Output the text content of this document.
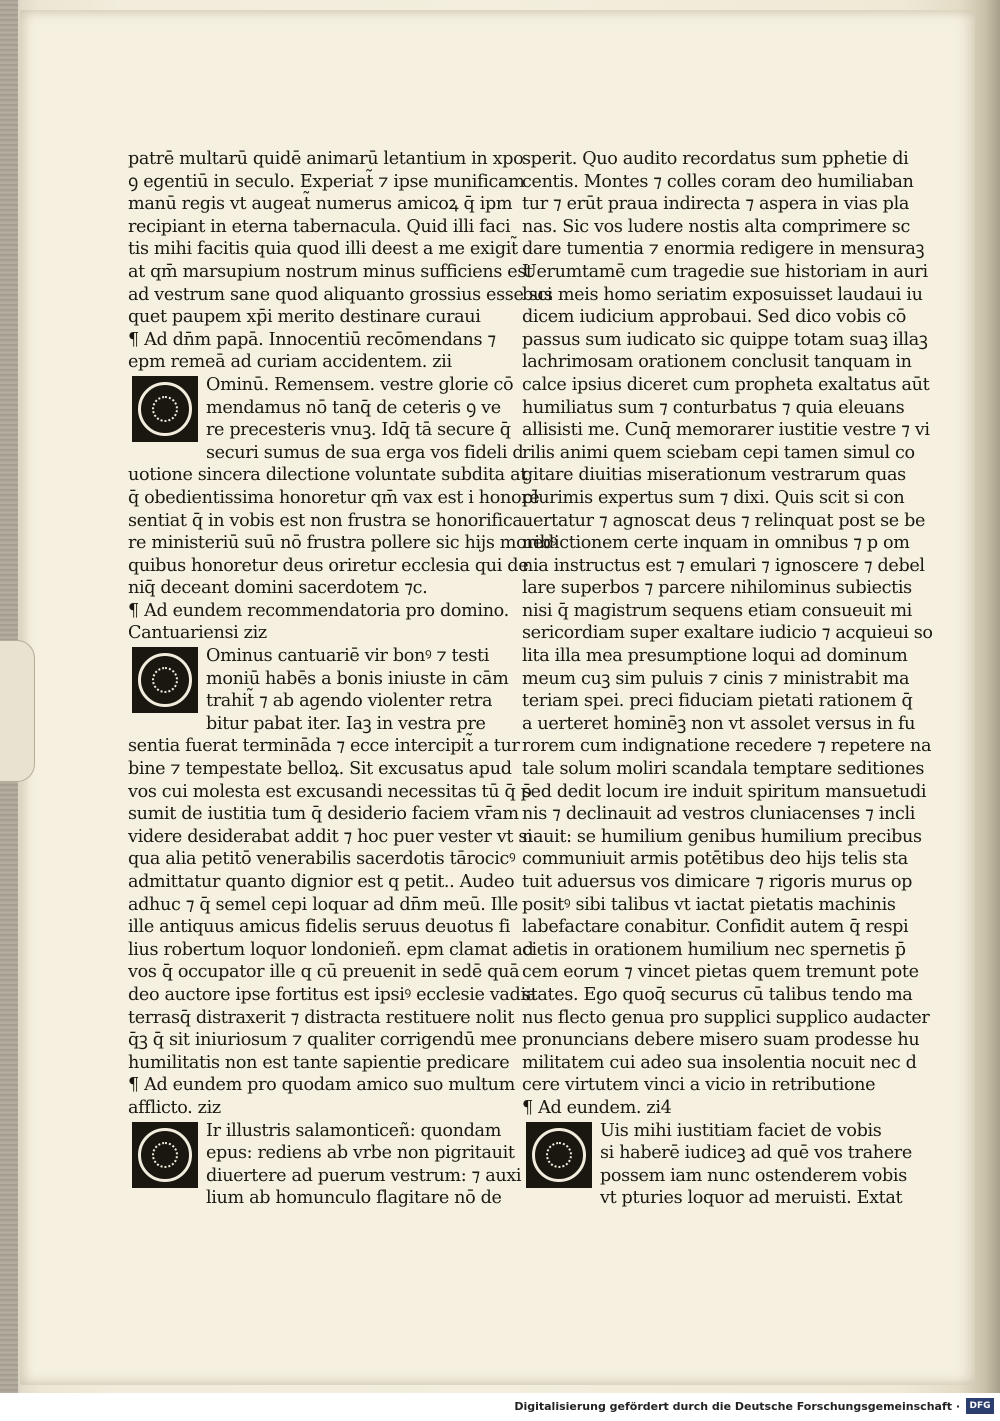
patrē multarū quidē animarū letantium in xpo
ꝯ egentiū in seculo. Experiat̃ ⁊ ipse munificam
manū regis vt augeat̃ numerus amicoꝝ q̄ ipm
recipiant in eterna tabernacula. Quid illi faci
tis mihi facitis quia quod illi deest a me exigit̃
at qm̄ marsupium nostrum minus sufficiens est
ad vestrum sane quod aliquanto grossius esse sci
quet paupem xp̄i merito destinare curaui
¶ Ad dn̄m papā. Innocentiū recōmendans ⁊
epm remeā ad curiam accidentem. zii
Ominū. Remensem. vestre glorie cō
mendamus nō tanq̄ de ceteris ꝯ ve
re precesteris vnuꝫ. Idq̄ tā secure q̄
securi sumus de sua erga vos fideli d
uotione sincera dilectione voluntate subdita at
q̄ obedientissima honoretur qm̄ vax est i honorē
sentiat q̄ in vobis est non frustra se honorifica
re ministeriū suū nō frustra pollere sic hijs moribꝰ
quibus honoretur deus oriretur ecclesia qui de
niq̄ deceant domini sacerdotem ⁊c.
¶ Ad eundem recommendatoria pro domino.
Cantuariensi ziz
Ominus cantuariē vir bonꝰ ⁊ testi
moniū habēs a bonis iniuste in cām
trahit̃ ⁊ ab agendo violenter retra
bitur pabat iter. Iaꝫ in vestra pre
sentia fuerat termināda ⁊ ecce intercipit̃ a tur
bine ⁊ tempestate belloꝝ. Sit excusatus apud
vos cui molesta est excusandi necessitas tū q̄ p̄
sumit de iustitia tum q̄ desiderio faciem vr̄am
videre desiderabat addit ⁊ hoc puer vester vt si
qua alia petitō venerabilis sacerdotis tārocicꝰ
admittatur quanto dignior est q petit.. Audeo
adhuc ⁊ q̄ semel cepi loquar ad dn̄m meū. Ille
ille antiquus amicus fidelis seruus deuotus fi
lius robertum loquor londonieñ. epm clamat ad
vos q̄ occupator ille q cū preuenit in sedē quā
deo auctore ipse fortitus est ipsiꝰ ecclesie vadia
terrasq̄ distraxerit ⁊ distracta restituere nolit
q̄ꝫ q̄ sit iniuriosum ⁊ qualiter corrigendū mee
humilitatis non est tante sapientie predicare
¶ Ad eundem pro quodam amico suo multum
afflicto. ziz
Ir illustris salamonticeñ: quondam
epus: rediens ab vrbe non pigritauit
diuertere ad puerum vestrum: ⁊ auxi
lium ab homunculo flagitare nō de
sperit. Quo audito recordatus sum pphetie di
centis. Montes ⁊ colles coram deo humiliaban
tur ⁊ erūt praua indirecta ⁊ aspera in vias pla
nas. Sic vos ludere nostis alta comprimere sc
dare tumentia ⁊ enormia redigere in mensuraꝫ
Uerumtamē cum tragedie sue historiam in auri
bus meis homo seriatim exposuisset laudaui iu
dicem iudicium approbaui. Sed dico vobis cō
passus sum iudicato sic quippe totam suaꝫ illaꝫ
lachrimosam orationem conclusit tanquam in
calce ipsius diceret cum propheta exaltatus aūt
humiliatus sum ⁊ conturbatus ⁊ quia eleuans
allisisti me. Cunq̄ memorarer iustitie vestre ⁊ vi
rilis animi quem sciebam cepi tamen simul co
gitare diuitias miserationum vestrarum quas
plurimis expertus sum ⁊ dixi. Quis scit si con
uertatur ⁊ agnoscat deus ⁊ relinquat post se be
nedictionem certe inquam in omnibus ⁊ p om
nia instructus est ⁊ emulari ⁊ ignoscere ⁊ debel
lare superbos ⁊ parcere nihilominus subiectis
nisi q̄ magistrum sequens etiam consueuit mi
sericordiam super exaltare iudicio ⁊ acquieui so
lita illa mea presumptione loqui ad dominum
meum cuꝫ sim puluis ⁊ cinis ⁊ ministrabit ma
teriam spei. preci fiduciam pietati rationem q̄
a uerteret hominēꝫ non vt assolet versus in fu
rorem cum indignatione recedere ⁊ repetere na
tale solum moliri scandala temptare seditiones
sed dedit locum ire induit spiritum mansuetudi
nis ⁊ declinauit ad vestros cluniacenses ⁊ incli
nauit: se humilium genibus humilium precibus
communiuit armis potētibus deo hijs telis sta
tuit aduersus vos dimicare ⁊ rigoris murus op
positꝰ sibi talibus vt iactat pietatis machinis
labefactare conabitur. Confidit autem q̄ respi
cietis in orationem humilium nec spernetis p̄
cem eorum ⁊ vincet pietas quem tremunt pote
states. Ego quoq̄ securus cū talibus tendo ma
nus flecto genua pro supplici supplico audacter
pronuncians debere misero suam prodesse hu
militatem cui adeo sua insolentia nocuit nec d
cere virtutem vinci a vicio in retributione
¶ Ad eundem. zi4
Uis mihi iustitiam faciet de vobis
si haberē iudiceꝫ ad quē vos trahere
possem iam nunc ostenderem vobis
vt pturies loquor ad meruisti. Extat
Digitalisierung gefördert durch die Deutsche Forschungsgemeinschaft ·	DFG
